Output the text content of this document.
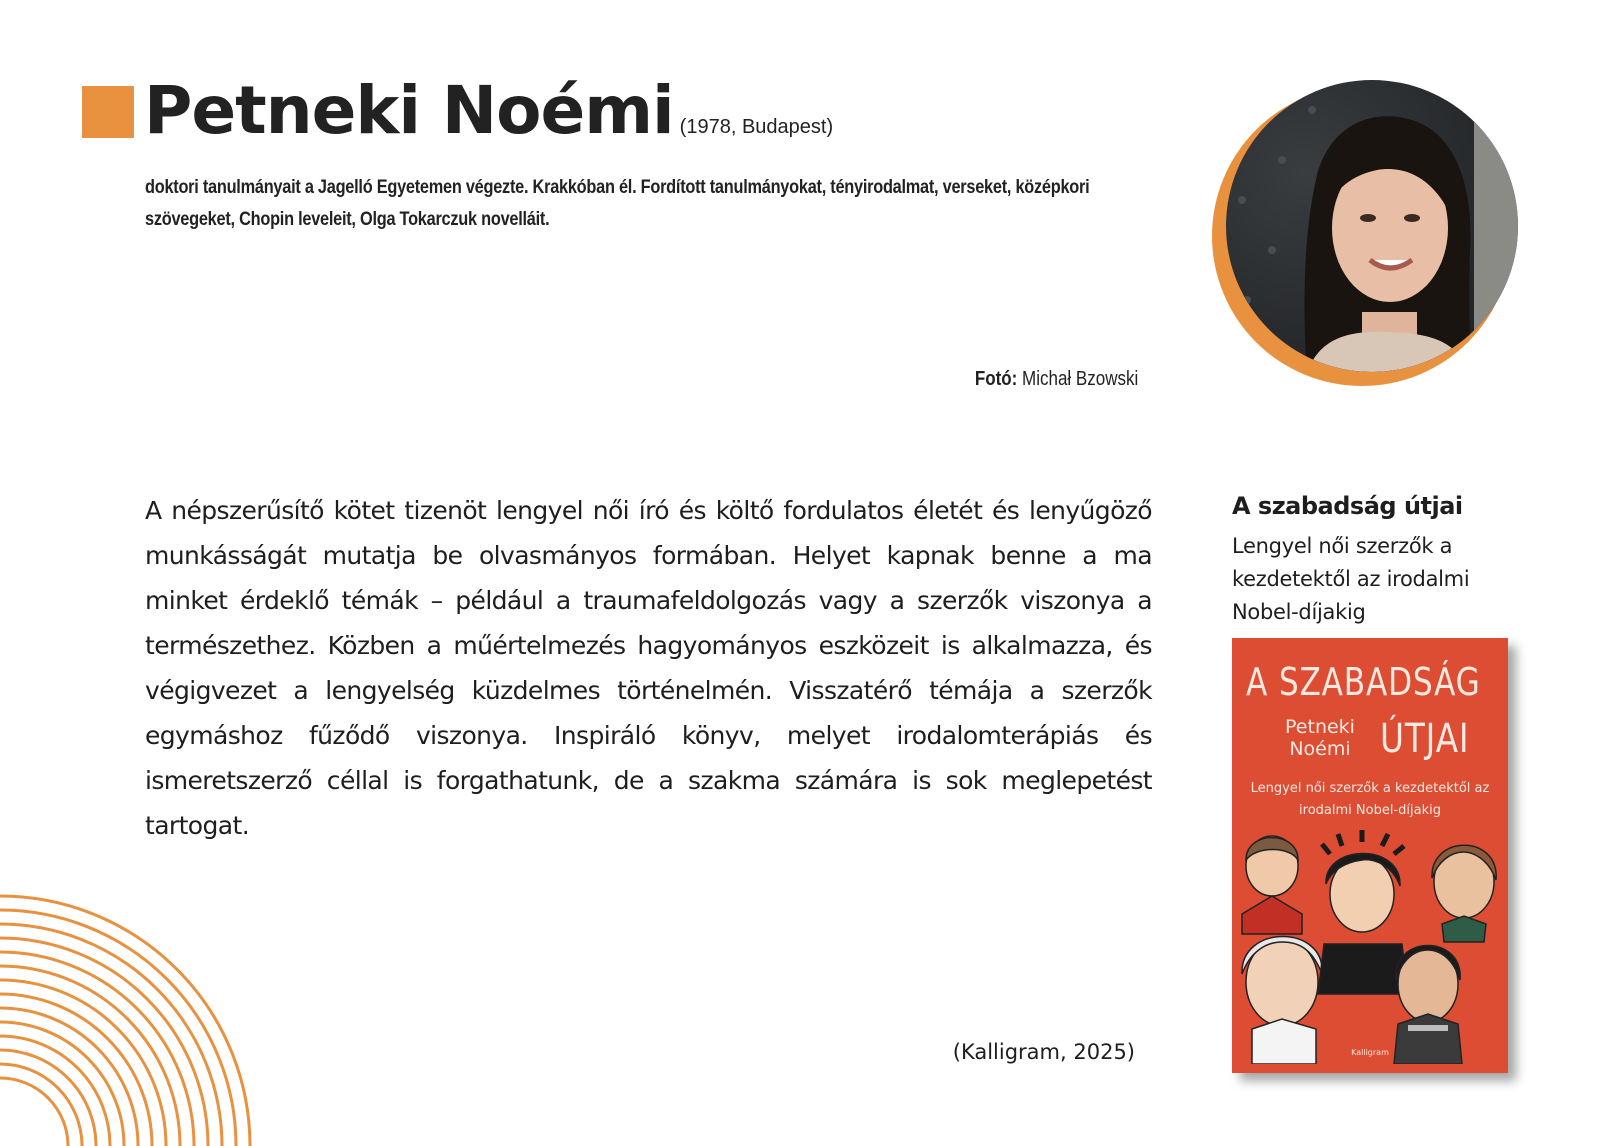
Petneki Noémi (1978, Budapest)
doktori tanulmányait a Jagelló Egyetemen végezte. Krakkóban él. Fordított tanulmányokat, tényirodalmat, verseket, középkori szövegeket, Chopin leveleit, Olga Tokarczuk novelláit.
Fotó: Michał Bzowski
A népszerűsítő kötet tizenöt lengyel női író és költő fordulatos életét és lenyűgöző munkásságát mutatja be olvasmányos formában. Helyet kapnak benne a ma minket érdeklő témák – például a traumafeldolgozás vagy a szerzők viszonya a természethez. Közben a műértelmezés hagyományos eszközeit is alkalmazza, és végigvezet a lengyelség küzdelmes történelmén. Visszatérő témája a szerzők egymáshoz fűződő viszonya. Inspiráló könyv, melyet irodalomterápiás és ismeretszerző céllal is forgathatunk, de a szakma számára is sok meglepetést tartogat.
(Kalligram, 2025)
A szabadság útjai
Lengyel női szerzők a kezdetektől az irodalmi Nobel-díjakig
A SZABADSÁG
Petneki
Noémi ÚTJAI
Lengyel női szerzők a kezdetektől az irodalmi Nobel-díjakig
Kalligram
